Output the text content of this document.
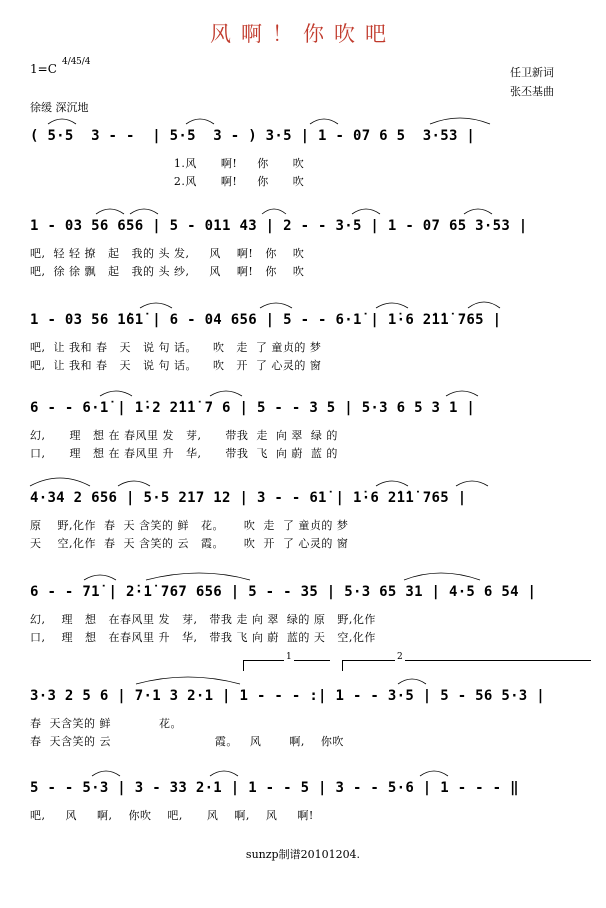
风啊！你吹吧
1=C 4/4 5/4
任卫新词
张丕基曲
徐缓 深沉地
( 5·5  3 - -  | 5·5  3 - ) 3·5 | 1 - 07 6 5  3·53 |
1.风      啊!     你      吹
2.风      啊!     你      吹
1 - 03 56 656 | 5 - 011 43 | 2 - - 3·5 | 1 - 07 65 3·53 |
吧,  轻 轻 撩   起   我的 头 发,     风    啊!   你    吹
吧,  徐 徐 飘   起   我的 头 纱,     风    啊!   你    吹
1 - 03 56 1̇61̇ | 6 - 04 656 | 5 - - 6·1̇ | 1̇·6 2̇1̇1̇ 765 |
吧,  让 我和 春   天   说 句 话。    吹   走  了 童贞的 梦
吧,  让 我和 春   天   说 句 话。    吹   开  了 心灵的 窗
6 - - 6·1̇ | 1̇·2 2̇1̇1̇ 7 6 | 5 - - 3 5 | 5·3 6 5 3 1 |
幻,      理   想 在 春风里 发   芽,      带我  走  向 翠  绿 的
口,      理   想 在 春风里 升   华,      带我  飞  向 蔚  蓝 的
4·34 2 656 | 5·5 217 12 | 3 - - 61̇ | 1̇·6 2̇1̇1̇ 765 |
原    野,化作  春  天 含笑的 鲜   花。     吹  走  了 童贞的 梦
天    空,化作  春  天 含笑的 云   霞。     吹  开  了 心灵的 窗
6 - - 71̇ | 2̇·1̇ 767 656 | 5 - - 35 | 5·3 65 31 | 4·5 6 54 |
幻,    理   想   在春风里 发   芽,   带我 走 向 翠  绿的 原   野,化作
口,    理   想   在春风里 升   华,   带我 飞 向 蔚  蓝的 天   空,化作
3·3 2 5 6 | 7·1 3 2·1 | 1 - - - :| 1 - - 3·5 | 5 - 56 5·3 |
春  天含笑的 鲜            花。
春  天含笑的 云                          霞。   风       啊,    你吹
5 - - 5·3 | 3 - 33 2·1 | 1 - - 5 | 3 - - 5·6 | 1 - - - ‖
吧,     风     啊,    你吹    吧,      风    啊,    风     啊!

1

	2

sunzp制谱20101204.
